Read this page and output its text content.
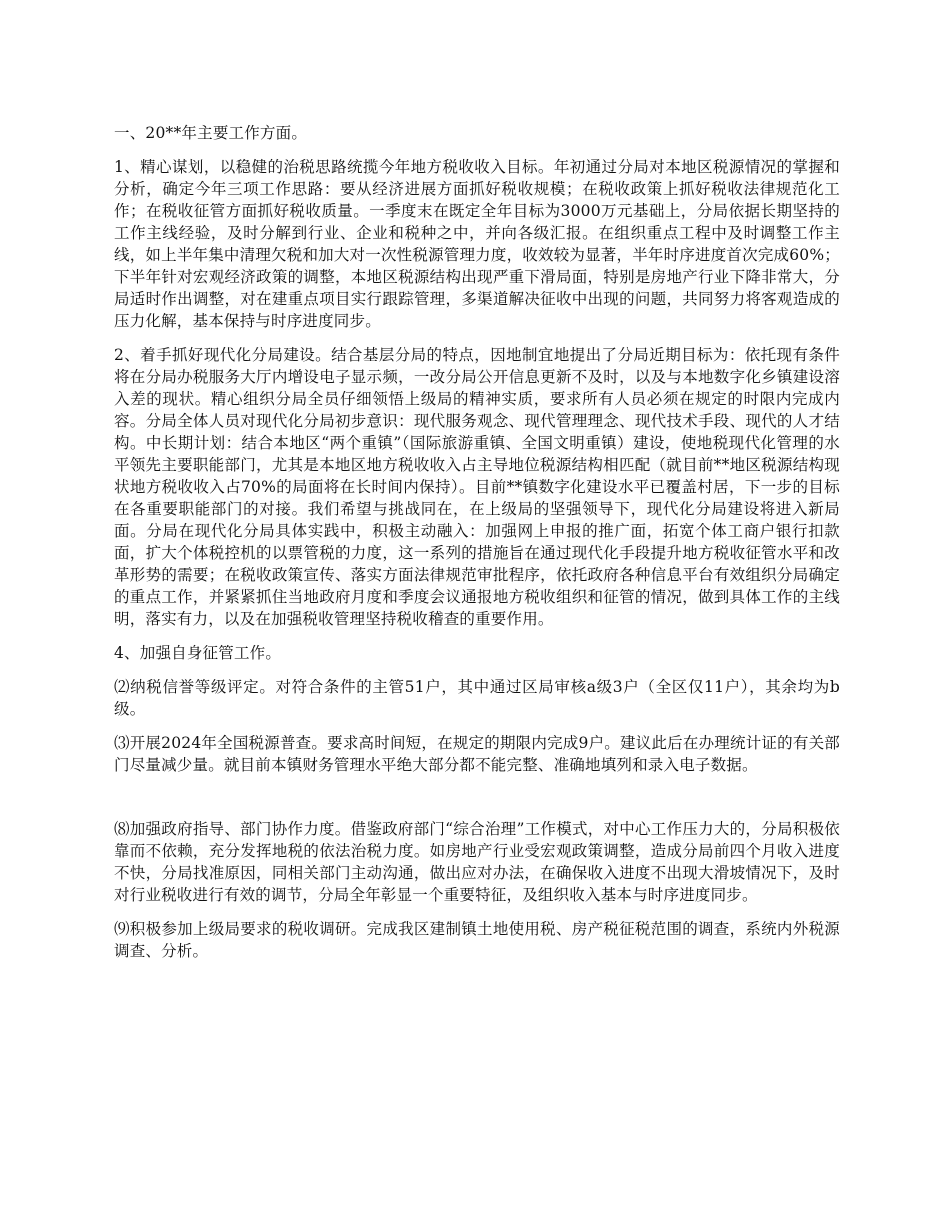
一、20**年主要工作方面。

1、精心谋划，以稳健的治税思路统揽今年地方税收收入目标。年初通过分局对本地区税源情况的掌握和分析，确定今年三项工作思路：要从经济进展方面抓好税收规模；在税收政策上抓好税收法律规范化工作；在税收征管方面抓好税收质量。一季度末在既定全年目标为3000万元基础上，分局依据长期坚持的工作主线经验，及时分解到行业、企业和税种之中，并向各级汇报。在组织重点工程中及时调整工作主线，如上半年集中清理欠税和加大对一次性税源管理力度，收效较为显著，半年时序进度首次完成60%；下半年针对宏观经济政策的调整，本地区税源结构出现严重下滑局面，特别是房地产行业下降非常大，分局适时作出调整，对在建重点项目实行跟踪管理，多渠道解决征收中出现的问题，共同努力将客观造成的压力化解，基本保持与时序进度同步。

2、着手抓好现代化分局建设。结合基层分局的特点，因地制宜地提出了分局近期目标为：依托现有条件将在分局办税服务大厅内增设电子显示频，一改分局公开信息更新不及时，以及与本地数字化乡镇建设溶入差的现状。精心组织分局全员仔细领悟上级局的精神实质，要求所有人员必须在规定的时限内完成内容。分局全体人员对现代化分局初步意识：现代服务观念、现代管理理念、现代技术手段、现代的人才结构。中长期计划：结合本地区“两个重镇”（国际旅游重镇、全国文明重镇）建设，使地税现代化管理的水平领先主要职能部门，尤其是本地区地方税收收入占主导地位税源结构相匹配（就目前**地区税源结构现状地方税收收入占70%的局面将在长时间内保持）。目前**镇数字化建设水平已覆盖村居，下一步的目标在各重要职能部门的对接。我们希望与挑战同在，在上级局的坚强领导下，现代化分局建设将进入新局面。分局在现代化分局具体实践中，积极主动融入：加强网上申报的推广面，拓宽个体工商户银行扣款面，扩大个体税控机的以票管税的力度，这一系列的措施旨在通过现代化手段提升地方税收征管水平和改革形势的需要；在税收政策宣传、落实方面法律规范审批程序，依托政府各种信息平台有效组织分局确定的重点工作，并紧紧抓住当地政府月度和季度会议通报地方税收组织和征管的情况，做到具体工作的主线明，落实有力，以及在加强税收管理坚持税收稽查的重要作用。

4、加强自身征管工作。

⑵纳税信誉等级评定。对符合条件的主管51户，其中通过区局审核a级3户（全区仅11户），其余均为b级。

⑶开展2024年全国税源普查。要求高时间短，在规定的期限内完成9户。建议此后在办理统计证的有关部门尽量减少量。就目前本镇财务管理水平绝大部分都不能完整、准确地填列和录入电子数据。

⑻加强政府指导、部门协作力度。借鉴政府部门“综合治理”工作模式，对中心工作压力大的，分局积极依靠而不依赖，充分发挥地税的依法治税力度。如房地产行业受宏观政策调整，造成分局前四个月收入进度不快，分局找准原因，同相关部门主动沟通，做出应对办法，在确保收入进度不出现大滑坡情况下，及时对行业税收进行有效的调节，分局全年彰显一个重要特征，及组织收入基本与时序进度同步。

⑼积极参加上级局要求的税收调研。完成我区建制镇土地使用税、房产税征税范围的调查，系统内外税源调查、分析。
